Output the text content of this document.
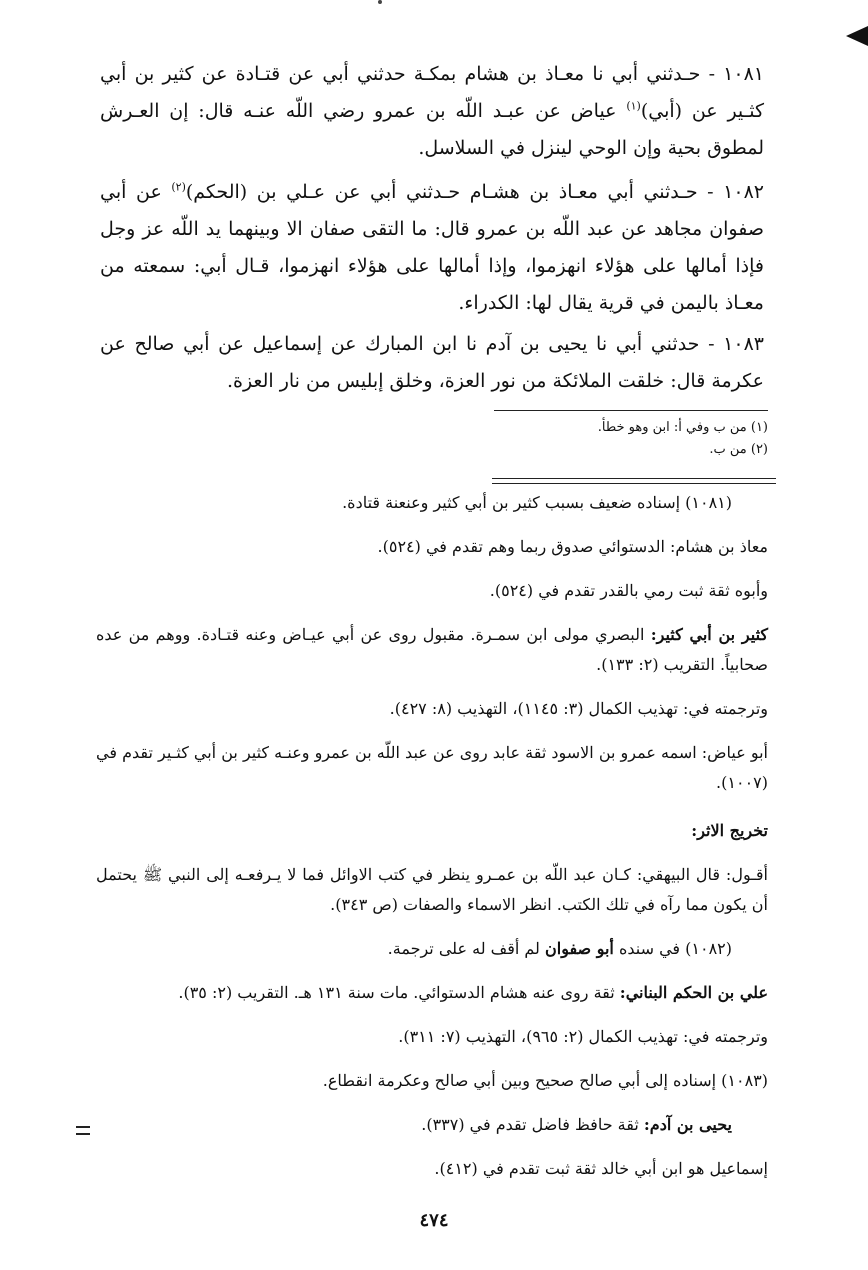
١٠٨١ - حـدثني أبي نا معـاذ بن هشام بمكـة حدثني أبي عن قتـادة عن كثير بن أبي كثـير عن (أبي)$^{(١)}$ عياض عن عبـد اللّه بن عمرو رضي اللّه عنـه قال: إن العـرش لمطوق بحية وإن الوحي لينزل في السلاسل.

١٠٨٢ - حـدثني أبي معـاذ بن هشـام حـدثني أبي عن عـلي بن (الحكم)$^{(٢)}$ عن أبي صفوان مجاهد عن عبد اللّه بن عمرو قال: ما التقى صفان الا وبينهما يد اللّه عز وجل فإذا أمالها على هؤلاء انهزموا، وإذا أمالها على هؤلاء انهزموا، قـال أبي: سمعته من معـاذ باليمن في قرية يقال لها: الكدراء.

١٠٨٣ - حدثني أبي نا يحيى بن آدم نا ابن المبارك عن إسماعيل عن أبي صالح عن عكرمة قال: خلقت الملائكة من نور العزة، وخلق إبليس من نار العزة.

(١) من ب وفي أ: ابن وهو خطأ.
(٢) من ب.
(١٠٨١) إسناده ضعيف بسبب كثير بن أبي كثير وعنعنة قتادة.
معاذ بن هشام: الدستوائي صدوق ربما وهم تقدم في (٥٢٤).
وأبوه ثقة ثبت رمي بالقدر تقدم في (٥٢٤).

كثير بن أبي كثير: البصري مولى ابن سمـرة. مقبول روى عن أبي عيـاض وعنه قتـادة. ووهم من عده صحابياً. التقريب (٢: ١٣٣).

وترجمته في: تهذيب الكمال (٣: ١١٤٥)، التهذيب (٨: ٤٢٧).

أبو عياض: اسمه عمرو بن الاسود ثقة عابد روى عن عبد اللّه بن عمرو وعنـه كثير بن أبي كثـير تقدم في (١٠٠٧).

تخريج الاثر:

أقـول: قال البيهقي: كـان عبد اللّه بن عمـرو ينظر في كتب الاوائل فما لا يـرفعـه إلى النبي ﷺ يحتمل أن يكون مما رآه في تلك الكتب. انظر الاسماء والصفات (ص ٣٤٣).

(١٠٨٢) في سنده أبو صفوان لم أقف له على ترجمة.
علي بن الحكم البناني: ثقة روى عنه هشام الدستوائي. مات سنة ١٣١ هـ. التقريب (٢: ٣٥).
وترجمته في: تهذيب الكمال (٢: ٩٦٥)، التهذيب (٧: ٣١١).
(١٠٨٣) إسناده إلى أبي صالح صحيح وبين أبي صالح وعكرمة انقطاع.
يحيى بن آدم: ثقة حافظ فاضل تقدم في (٣٣٧).
إسماعيل هو ابن أبي خالد ثقة ثبت تقدم في (٤١٢).
٤٧٤
